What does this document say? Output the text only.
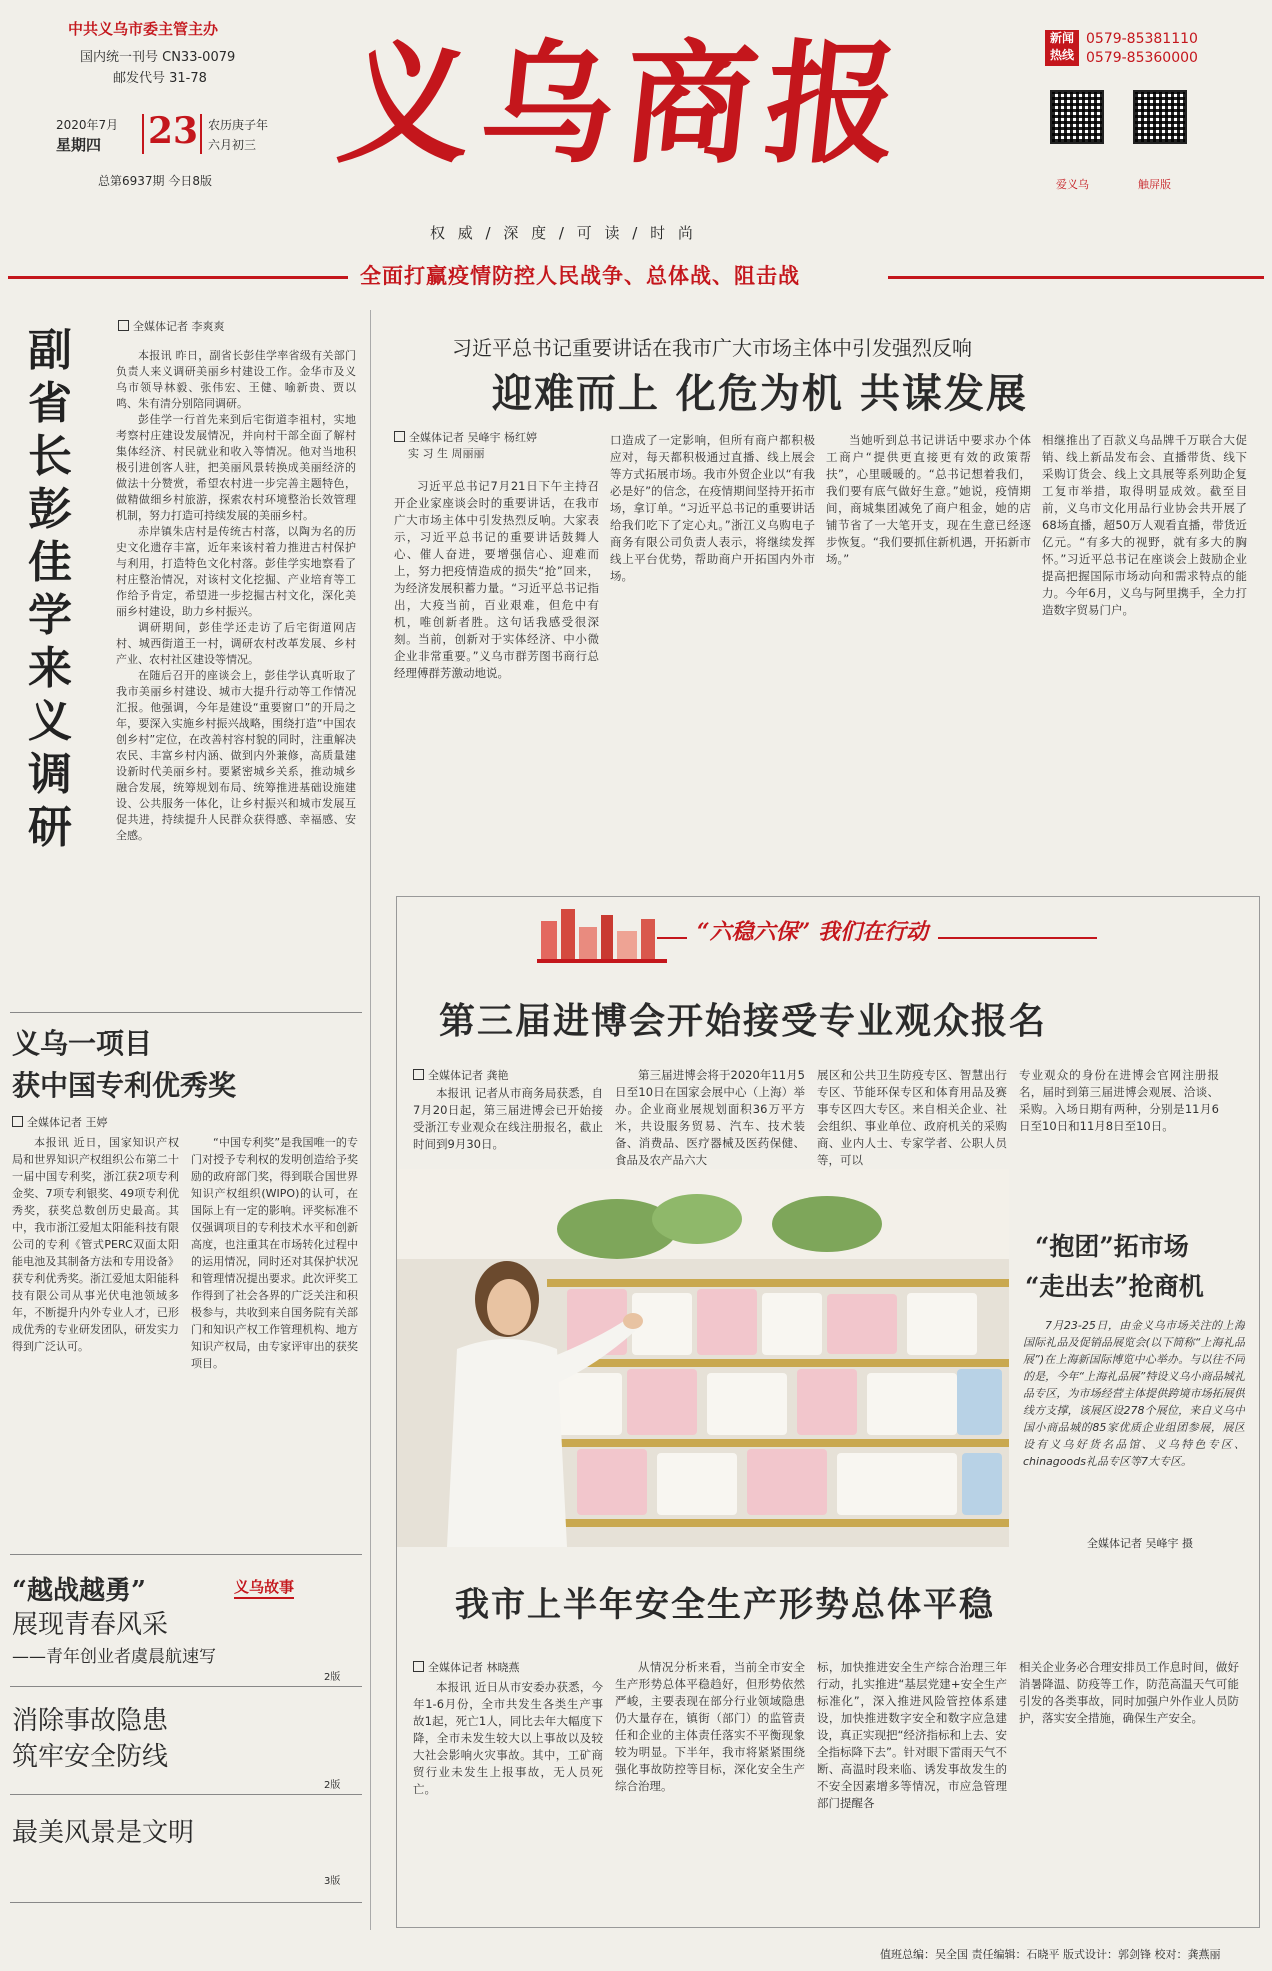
中共义乌市委主管主办
国内统一刊号 CN33-0079
邮发代号 31-78
2020年7月
星期四 23 农历庚子年
六月初三
总第6937期 今日8版 义乌商报
权 威 / 深 度 / 可 读 / 时 尚
新闻
热线
0579-85381110
0579-85360000
爱义乌	触屏版
全面打赢疫情防控人民战争、总体战、阻击战
副省长彭佳学来义调研
全媒体记者 李爽爽

本报讯 昨日，副省长彭佳学率省级有关部门负责人来义调研美丽乡村建设工作。金华市及义乌市领导林毅、张伟宏、王健、喻新贵、贾以鸣、朱有清分别陪同调研。

彭佳学一行首先来到后宅街道李祖村，实地考察村庄建设发展情况，并向村干部全面了解村集体经济、村民就业和收入等情况。他对当地积极引进创客人驻，把美丽风景转换成美丽经济的做法十分赞赏，希望农村进一步完善主题特色，做精做细乡村旅游，探索农村环境整治长效管理机制，努力打造可持续发展的美丽乡村。

赤岸镇朱店村是传统古村落，以陶为名的历史文化遗存丰富，近年来该村着力推进古村保护与利用，打造特色文化村落。彭佳学实地察看了村庄整治情况，对该村文化挖掘、产业培育等工作给予肯定，希望进一步挖掘古村文化，深化美丽乡村建设，助力乡村振兴。

调研期间，彭佳学还走访了后宅街道网店村、城西街道王一村，调研农村改革发展、乡村产业、农村社区建设等情况。

在随后召开的座谈会上，彭佳学认真听取了我市美丽乡村建设、城市大提升行动等工作情况汇报。他强调，今年是建设“重要窗口”的开局之年，要深入实施乡村振兴战略，围绕打造“中国农创乡村”定位，在改善村容村貌的同时，注重解决农民、丰富乡村内涵、做到内外兼修，高质量建设新时代美丽乡村。要紧密城乡关系，推动城乡融合发展，统筹规划布局、统筹推进基础设施建设、公共服务一体化，让乡村振兴和城市发展互促共进，持续提升人民群众获得感、幸福感、安全感。

义乌一项目
获中国专利优秀奖
全媒体记者 王婷
本报讯 近日，国家知识产权局和世界知识产权组织公布第二十一届中国专利奖，浙江获2项专利金奖、7项专利银奖、49项专利优秀奖，获奖总数创历史最高。其中，我市浙江爱旭太阳能科技有限公司的专利《管式PERC双面太阳能电池及其制备方法和专用设备》获专利优秀奖。浙江爱旭太阳能科技有限公司从事光伏电池领域多年，不断提升内外专业人才，已形成优秀的专业研发团队，研发实力得到广泛认可。
“中国专利奖”是我国唯一的专门对授予专利权的发明创造给予奖励的政府部门奖，得到联合国世界知识产权组织(WIPO)的认可，在国际上有一定的影响。评奖标准不仅强调项目的专利技术水平和创新高度，也注重其在市场转化过程中的运用情况，同时还对其保护状况和管理情况提出要求。此次评奖工作得到了社会各界的广泛关注和积极参与，共收到来自国务院有关部门和知识产权工作管理机构、地方知识产权局，由专家评审出的获奖项目。
“越战越勇”
展现青春风采
——青年创业者虞晨航速写
义乌故事
2版
消除事故隐患
筑牢安全防线
2版
最美风景是文明
3版
习近平总书记重要讲话在我市广大市场主体中引发强烈反响
迎难而上 化危为机 共谋发展
全媒体记者 吴峰宇 杨红婷
实 习 生 周丽丽
习近平总书记7月21日下午主持召开企业家座谈会时的重要讲话，在我市广大市场主体中引发热烈反响。大家表示，习近平总书记的重要讲话鼓舞人心、催人奋进，要增强信心、迎难而上，努力把疫情造成的损失“抢”回来，为经济发展积蓄力量。“习近平总书记指出，大疫当前，百业艰难，但危中有机，唯创新者胜。这句话我感受很深刻。当前，创新对于实体经济、中小微企业非常重要。”义乌市群芳图书商行总经理傅群芳激动地说。
口造成了一定影响，但所有商户都积极应对，每天都积极通过直播、线上展会等方式拓展市场。我市外贸企业以“有我必是好”的信念，在疫情期间坚持开拓市场，拿订单。“习近平总书记的重要讲话给我们吃下了定心丸。”浙江义乌购电子商务有限公司负责人表示，将继续发挥线上平台优势，帮助商户开拓国内外市场。
当她听到总书记讲话中要求办个体工商户“提供更直接更有效的政策帮扶”，心里暖暖的。“总书记想着我们，我们要有底气做好生意。”她说，疫情期间，商城集团减免了商户租金，她的店铺节省了一大笔开支，现在生意已经逐步恢复。“我们要抓住新机遇，开拓新市场。”
相继推出了百款义乌品牌千万联合大促销、线上新品发布会、直播带货、线下采购订货会、线上文具展等系列助企复工复市举措，取得明显成效。截至目前，义乌市文化用品行业协会共开展了68场直播，超50万人观看直播，带货近亿元。“有多大的视野，就有多大的胸怀。”习近平总书记在座谈会上鼓励企业提高把握国际市场动向和需求特点的能力。今年6月，义乌与阿里携手，全力打造数字贸易门户。
“六稳六保” 我们在行动
第三届进博会开始接受专业观众报名
全媒体记者 龚艳
本报讯 记者从市商务局获悉，自7月20日起，第三届进博会已开始接受浙江专业观众在线注册报名，截止时间到9月30日。
第三届进博会将于2020年11月5日至10日在国家会展中心（上海）举办。企业商业展规划面积36万平方米，共设服务贸易、汽车、技术装备、消费品、医疗器械及医药保健、食品及农产品六大
展区和公共卫生防疫专区、智慧出行专区、节能环保专区和体育用品及赛事专区四大专区。来自相关企业、社会组织、事业单位、政府机关的采购商、业内人士、专家学者、公职人员等，可以
专业观众的身份在进博会官网注册报名，届时到第三届进博会观展、洽谈、采购。入场日期有两种，分别是11月6日至10日和11月8日至10日。
“抱团”拓市场
“走出去”抢商机
7月23-25日，由金义乌市场关注的上海国际礼品及促销品展览会(以下简称“上海礼品展”)在上海新国际博览中心举办。与以往不同的是，今年“上海礼品展”特设义乌小商品城礼品专区，为市场经营主体提供跨境市场拓展供线方支撑，该展区设278个展位，来自义乌中国小商品城的85家优质企业组团参展，展区设有义乌好货名品馆、义乌特色专区、chinagoods礼品专区等7大专区。
全媒体记者 吴峰宇 摄
我市上半年安全生产形势总体平稳
全媒体记者 林晓燕
本报讯 近日从市安委办获悉，今年1-6月份，全市共发生各类生产事故1起，死亡1人，同比去年大幅度下降，全市未发生较大以上事故以及较大社会影响火灾事故。其中，工矿商贸行业未发生上报事故，无人员死亡。
从情况分析来看，当前全市安全生产形势总体平稳趋好，但形势依然严峻，主要表现在部分行业领域隐患仍大量存在，镇街（部门）的监管责任和企业的主体责任落实不平衡现象较为明显。下半年，我市将紧紧围绕强化事故防控等目标，深化安全生产综合治理。
标，加快推进安全生产综合治理三年行动，扎实推进“基层党建+安全生产标准化”，深入推进风险管控体系建设，加快推进数字安全和数字应急建设，真正实现把“经济指标和上去、安全指标降下去”。针对眼下雷雨天气不断、高温时段来临、诱发事故发生的不安全因素增多等情况，市应急管理部门提醒各
相关企业务必合理安排员工作息时间，做好消暑降温、防疫等工作，防范高温天气可能引发的各类事故，同时加强户外作业人员防护，落实安全措施，确保生产安全。
值班总编：吴全国 责任编辑：石晓平 版式设计：郭剑锋 校对：龚燕丽
